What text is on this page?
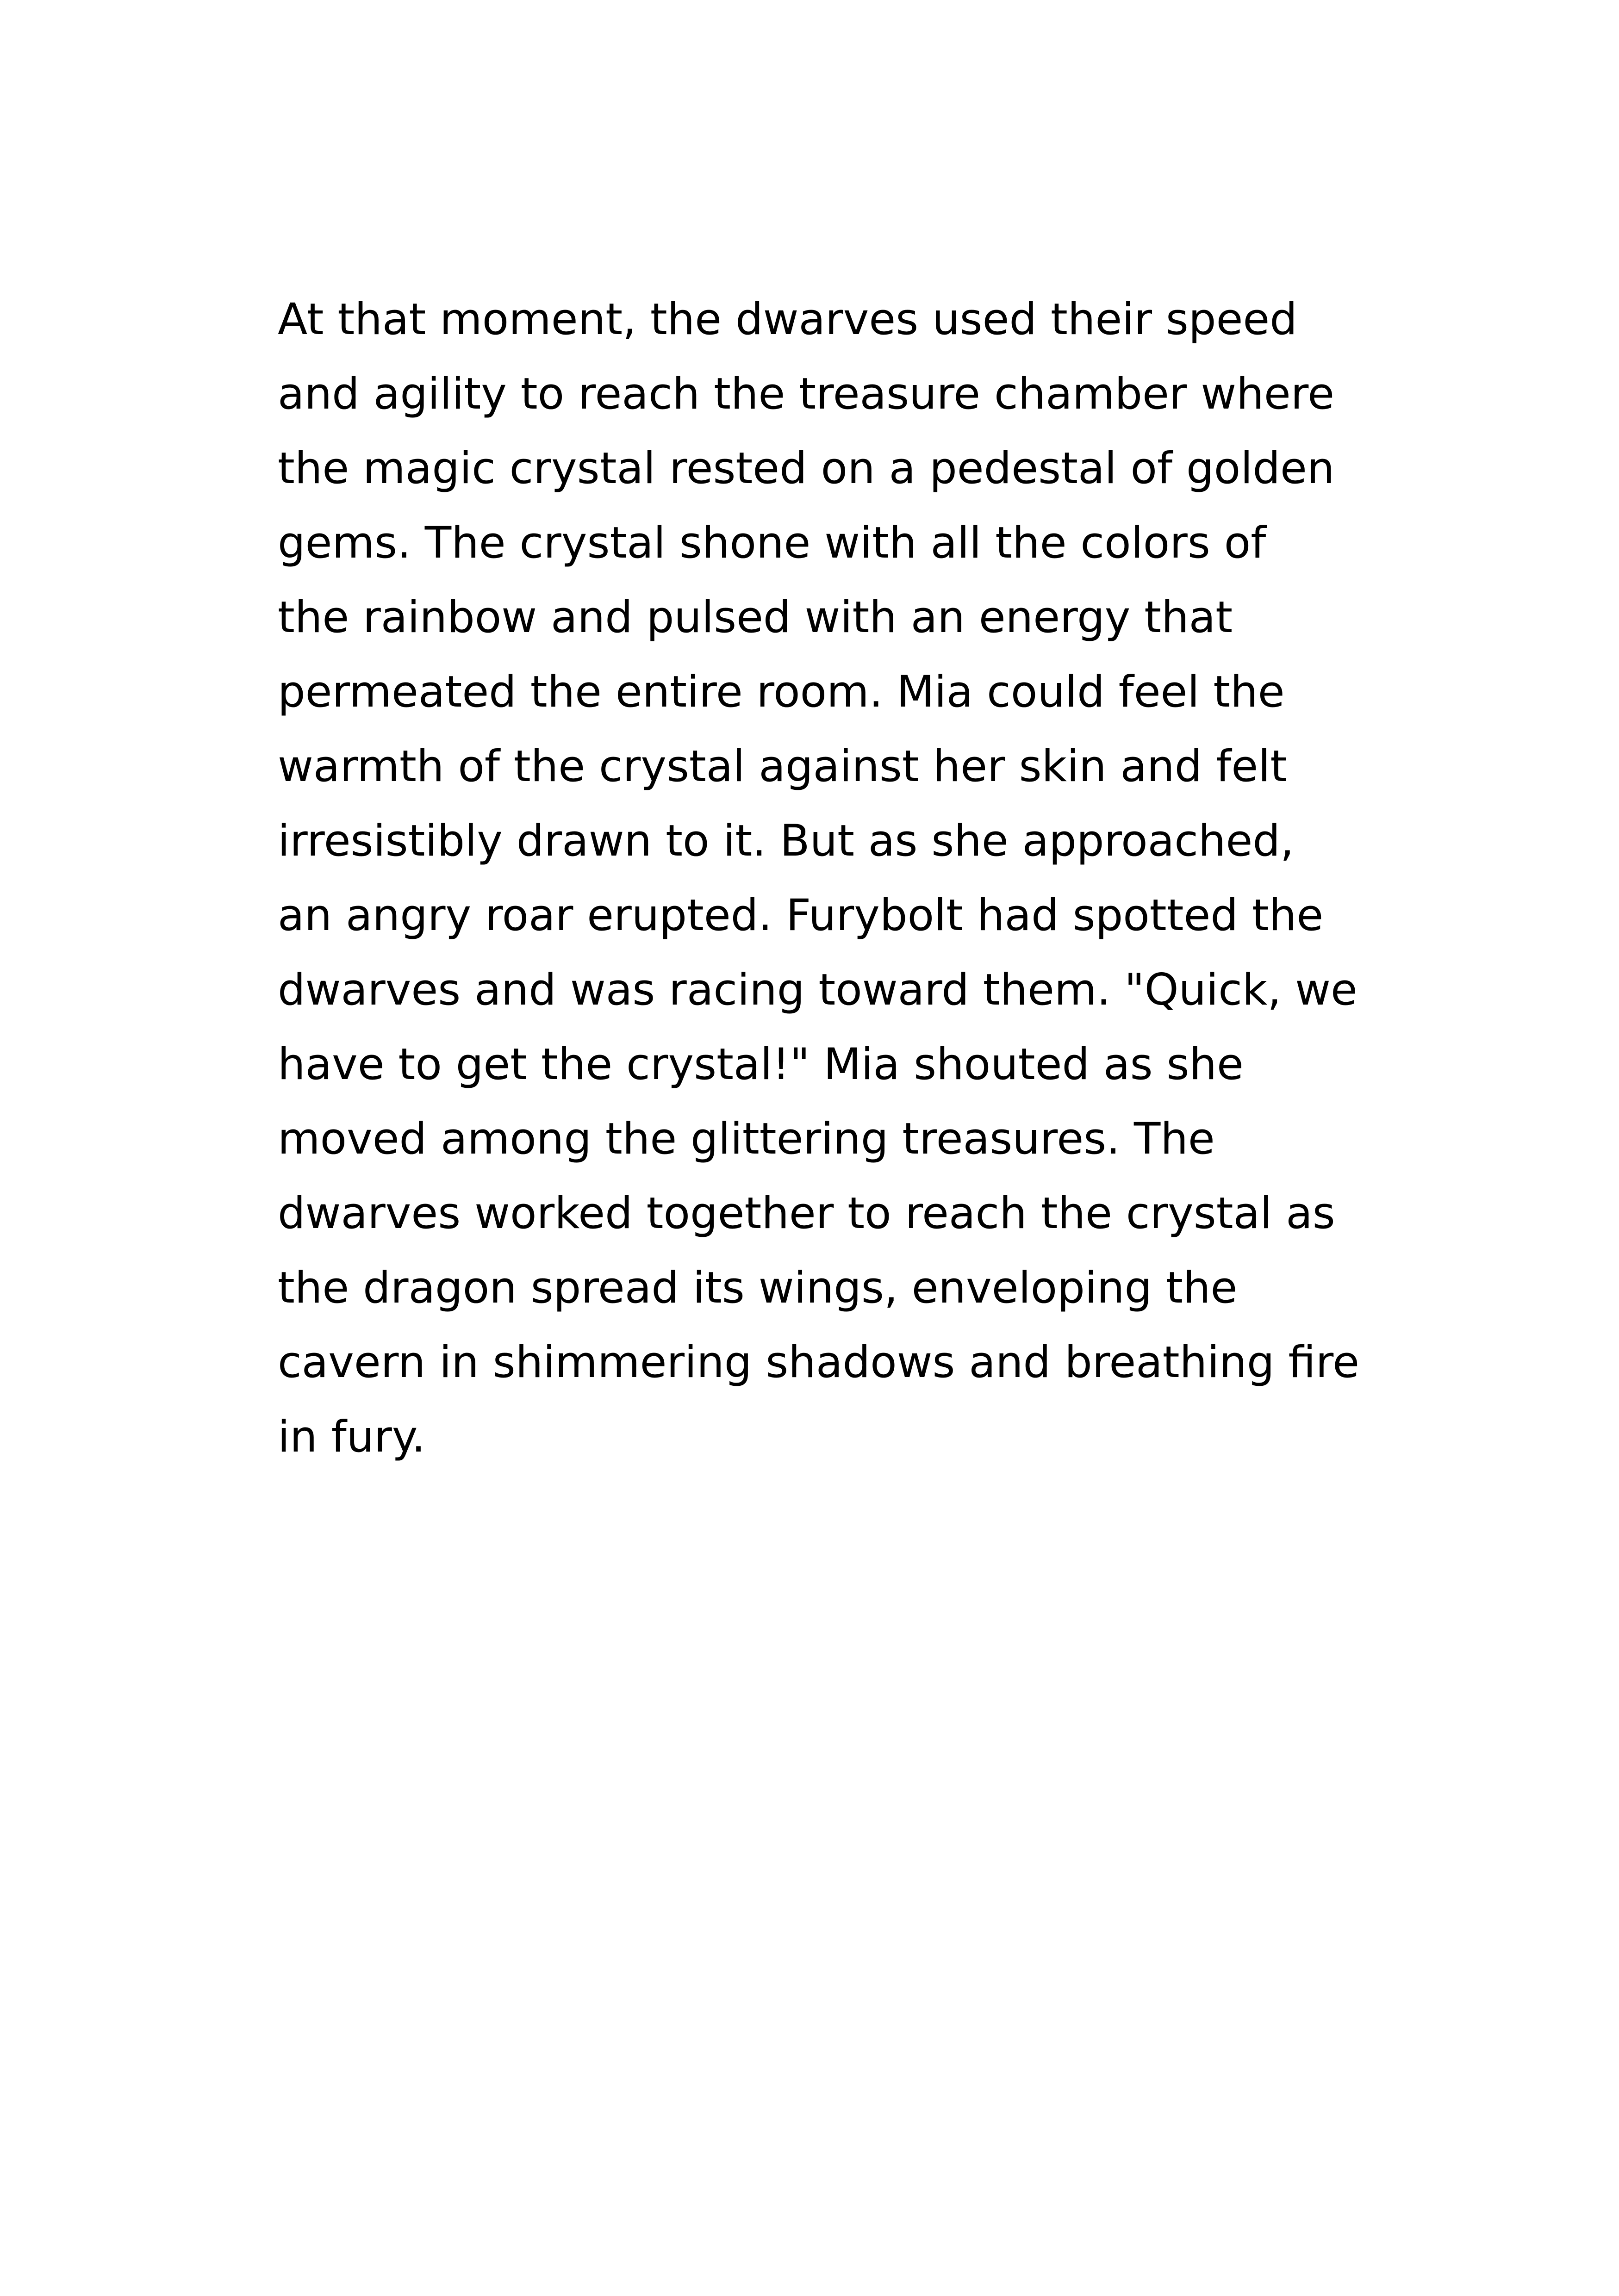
At that moment, the dwarves used their speed
and agility to reach the treasure chamber where
the magic crystal rested on a pedestal of golden
gems. The crystal shone with all the colors of
the rainbow and pulsed with an energy that
permeated the entire room. Mia could feel the
warmth of the crystal against her skin and felt
irresistibly drawn to it. But as she approached,
an angry roar erupted. Furybolt had spotted the
dwarves and was racing toward them. "Quick, we
have to get the crystal!" Mia shouted as she
moved among the glittering treasures. The
dwarves worked together to reach the crystal as
the dragon spread its wings, enveloping the
cavern in shimmering shadows and breathing fire
in fury.
